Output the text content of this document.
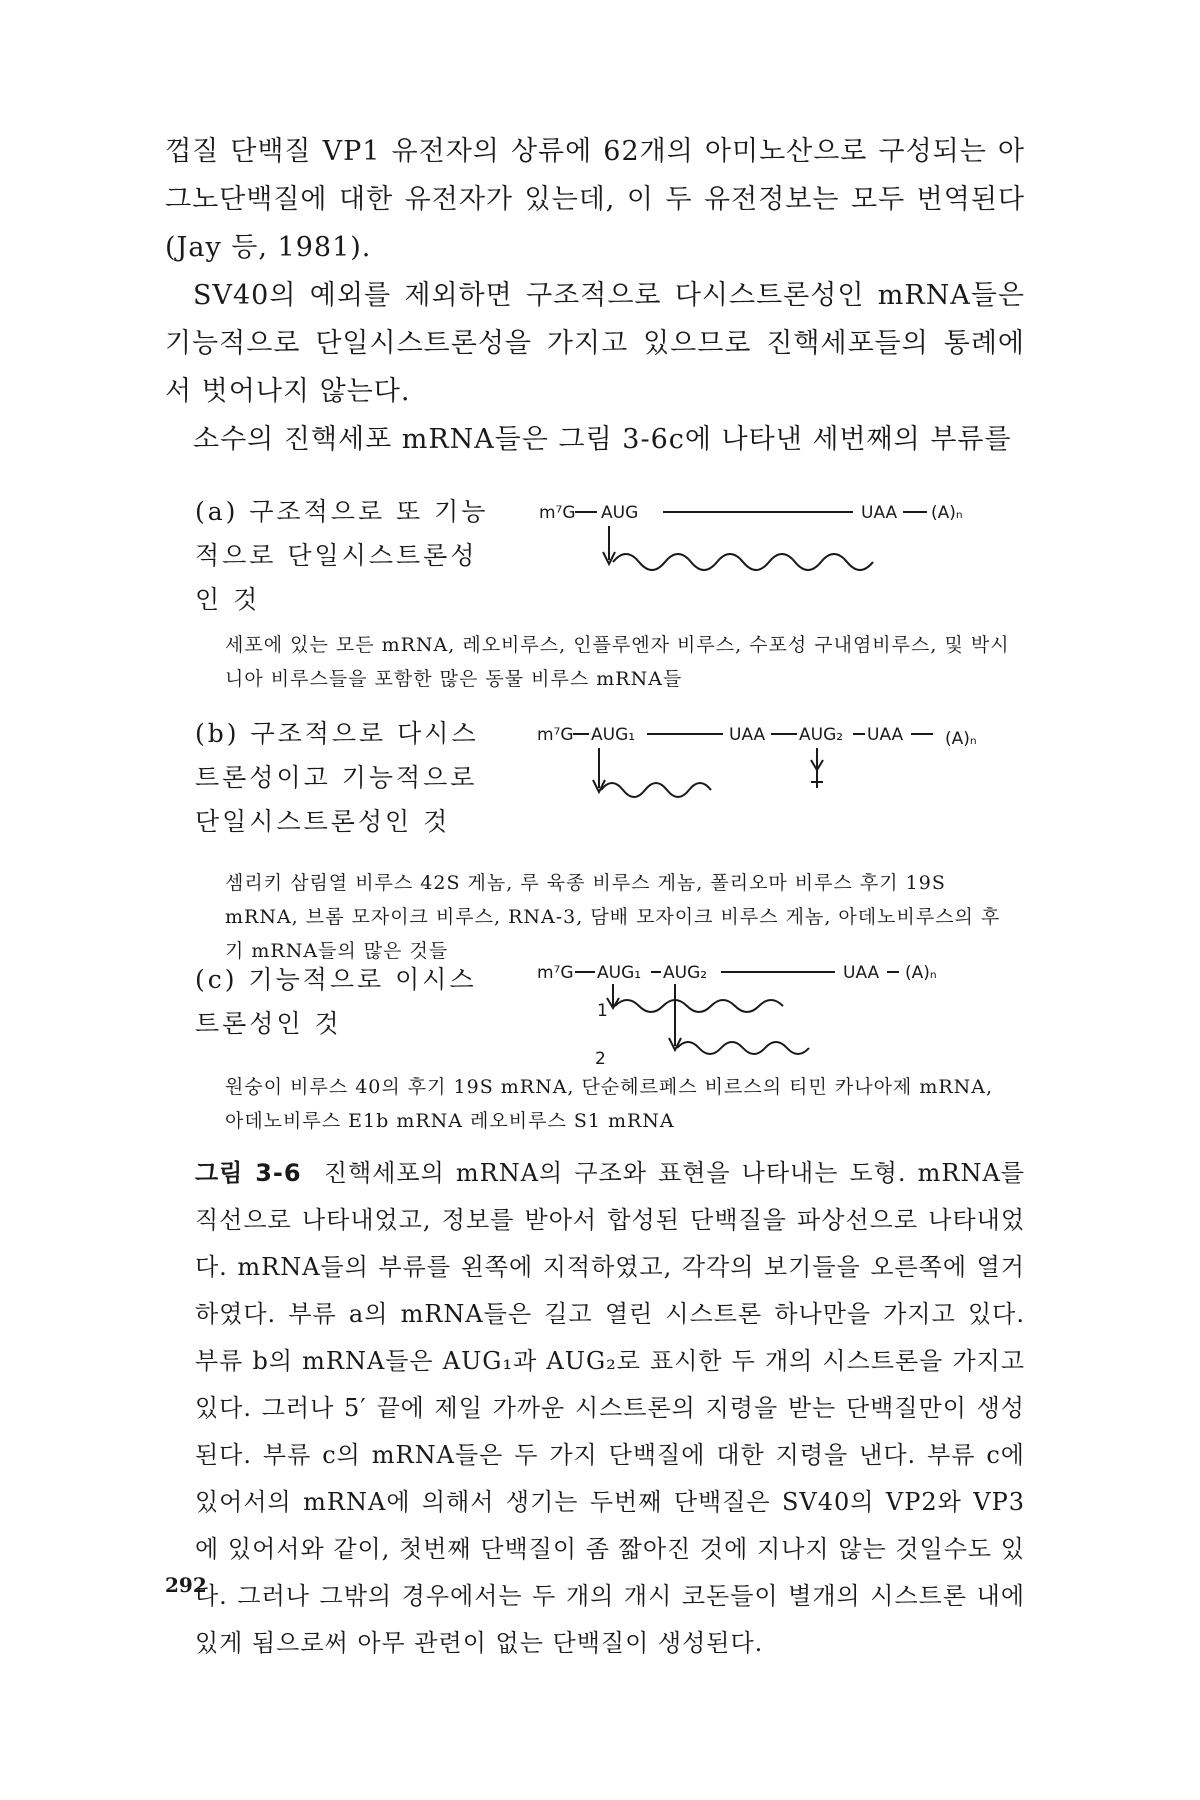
껍질 단백질 VP1 유전자의 상류에 62개의 아미노산으로 구성되는 아그노단백질에 대한 유전자가 있는데, 이 두 유전정보는 모두 번역된다(Jay 등, 1981).

SV40의 예외를 제외하면 구조적으로 다시스트론성인 mRNA들은 기능적으로 단일시스트론성을 가지고 있으므로 진핵세포들의 통례에서 벗어나지 않는다.

소수의 진핵세포 mRNA들은 그림 3-6c에 나타낸 세번째의 부류를

(a) 구조적으로 또 기능적으로 단일시스트론성인 것

m⁷G AUG	UAA (A)ₙ

세포에 있는 모든 mRNA, 레오비루스, 인플루엔자 비루스, 수포성 구내염비루스, 및 박시니아 비루스들을 포함한 많은 동물 비루스 mRNA들

(b) 구조적으로 다시스트론성이고 기능적으로 단일시스트론성인 것

m⁷G AUG₁	UAA AUG₂ UAA (A)ₙ

셈리키 삼림열 비루스 42S 게놈, 루 육종 비루스 게놈, 폴리오마 비루스 후기 19S mRNA, 브롬 모자이크 비루스, RNA-3, 담배 모자이크 비루스 게놈, 아데노비루스의 후기 mRNA들의 많은 것들

(c) 기능적으로 이시스트론성인 것

m⁷G AUG₁ AUG₂	UAA (A)ₙ
1
2

원숭이 비루스 40의 후기 19S mRNA, 단순헤르페스 비르스의 티민 카나아제 mRNA, 아데노비루스 E1b mRNA 레오비루스 S1 mRNA

그림 3-6 진핵세포의 mRNA의 구조와 표현을 나타내는 도형. mRNA를 직선으로 나타내었고, 정보를 받아서 합성된 단백질을 파상선으로 나타내었다. mRNA들의 부류를 왼쪽에 지적하였고, 각각의 보기들을 오른쪽에 열거하였다. 부류 a의 mRNA들은 길고 열린 시스트론 하나만을 가지고 있다. 부류 b의 mRNA들은 AUG₁과 AUG₂로 표시한 두 개의 시스트론을 가지고 있다. 그러나 5′ 끝에 제일 가까운 시스트론의 지령을 받는 단백질만이 생성된다. 부류 c의 mRNA들은 두 가지 단백질에 대한 지령을 낸다. 부류 c에 있어서의 mRNA에 의해서 생기는 두번째 단백질은 SV40의 VP2와 VP3에 있어서와 같이, 첫번째 단백질이 좀 짧아진 것에 지나지 않는 것일수도 있다. 그러나 그밖의 경우에서는 두 개의 개시 코돈들이 별개의 시스트론 내에 있게 됨으로써 아무 관련이 없는 단백질이 생성된다.

292
